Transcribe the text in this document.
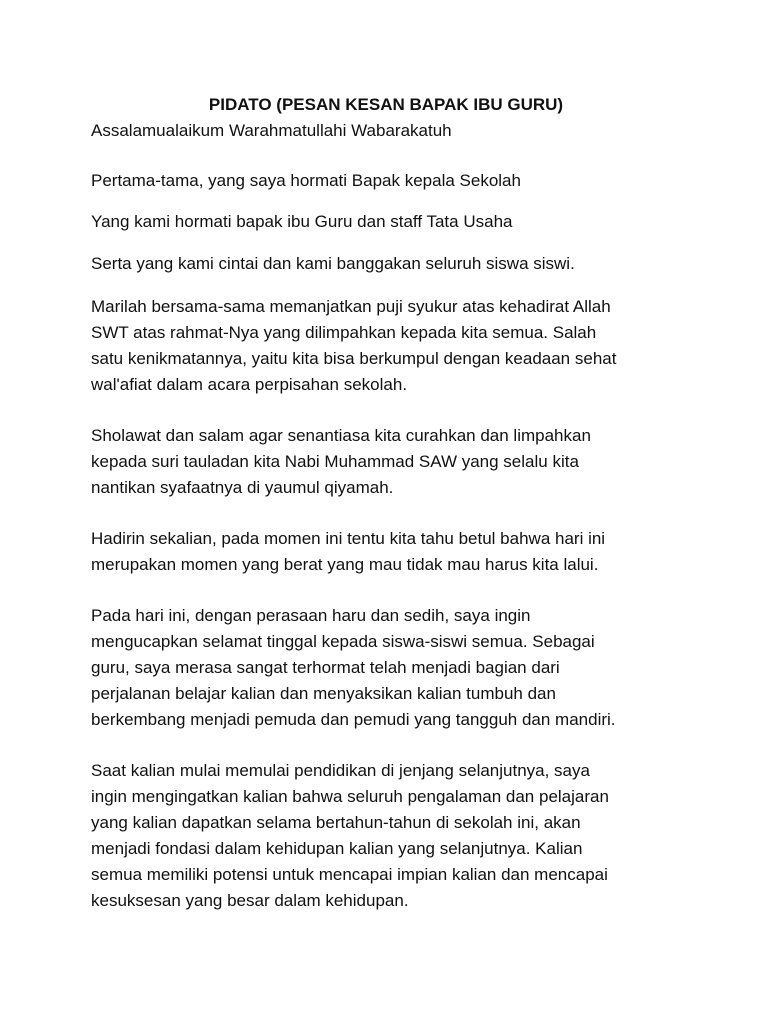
PIDATO (PESAN KESAN BAPAK IBU GURU)

Assalamualaikum Warahmatullahi Wabarakatuh

Pertama-tama, yang saya hormati Bapak kepala Sekolah

Yang kami hormati bapak ibu Guru dan staff Tata Usaha

Serta yang kami cintai dan kami banggakan seluruh siswa siswi.

Marilah bersama-sama memanjatkan puji syukur atas kehadirat Allah
SWT atas rahmat-Nya yang dilimpahkan kepada kita semua. Salah
satu kenikmatannya, yaitu kita bisa berkumpul dengan keadaan sehat
wal'afiat dalam acara perpisahan sekolah.

Sholawat dan salam agar senantiasa kita curahkan dan limpahkan
kepada suri tauladan kita Nabi Muhammad SAW yang selalu kita
nantikan syafaatnya di yaumul qiyamah.

Hadirin sekalian, pada momen ini tentu kita tahu betul bahwa hari ini
merupakan momen yang berat yang mau tidak mau harus kita lalui.

Pada hari ini, dengan perasaan haru dan sedih, saya ingin
mengucapkan selamat tinggal kepada siswa-siswi semua. Sebagai
guru, saya merasa sangat terhormat telah menjadi bagian dari
perjalanan belajar kalian dan menyaksikan kalian tumbuh dan
berkembang menjadi pemuda dan pemudi yang tangguh dan mandiri.

Saat kalian mulai memulai pendidikan di jenjang selanjutnya, saya
ingin mengingatkan kalian bahwa seluruh pengalaman dan pelajaran
yang kalian dapatkan selama bertahun-tahun di sekolah ini, akan
menjadi fondasi dalam kehidupan kalian yang selanjutnya. Kalian
semua memiliki potensi untuk mencapai impian kalian dan mencapai
kesuksesan yang besar dalam kehidupan.
